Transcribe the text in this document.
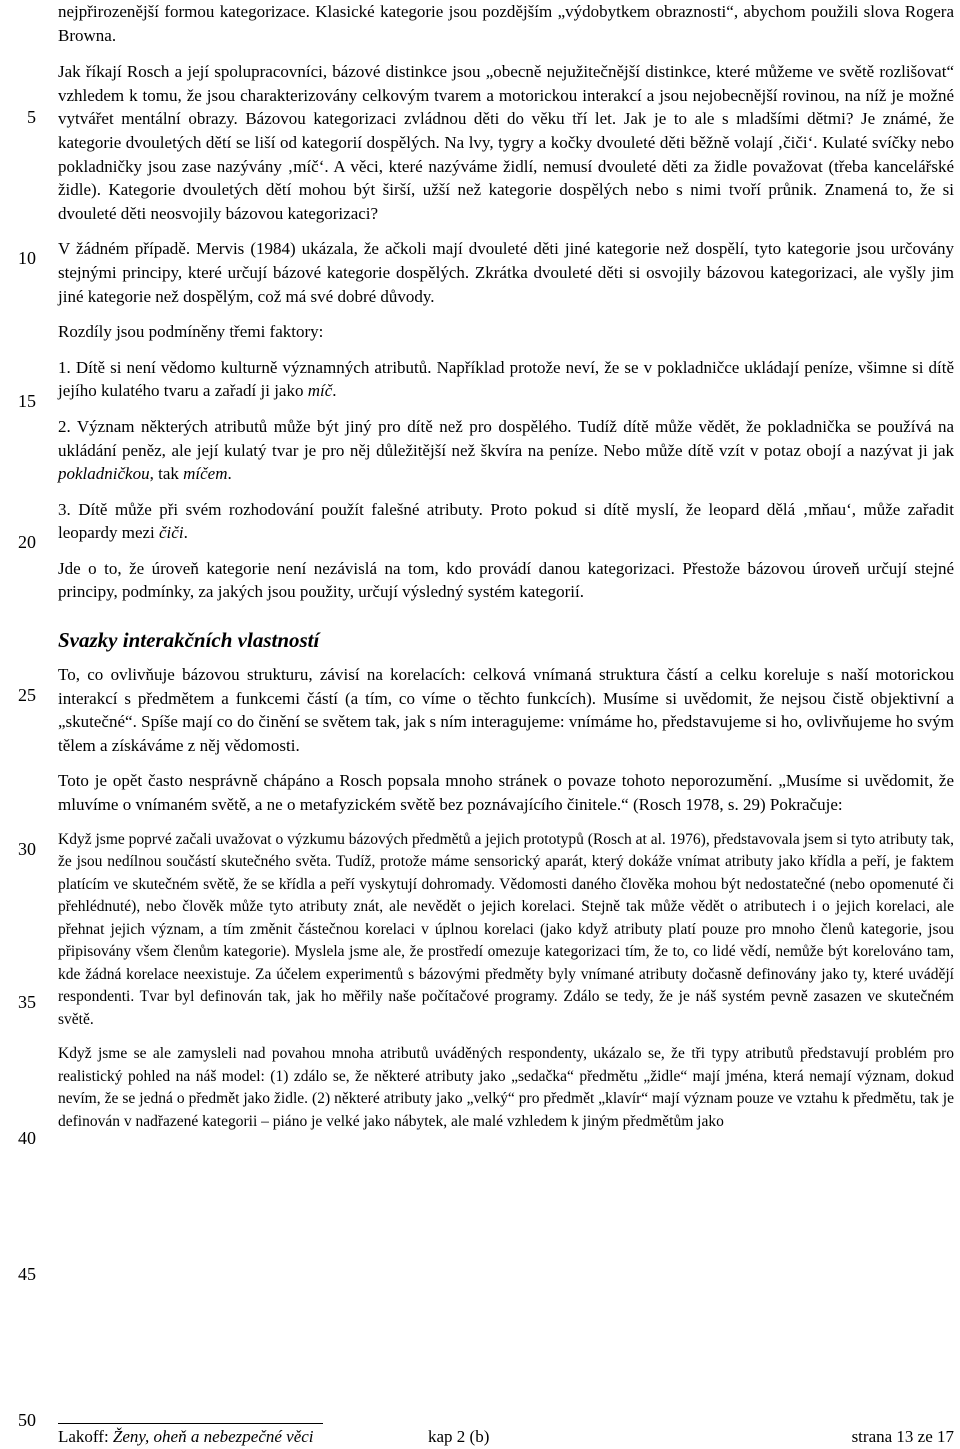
5
10
15
20
25
30
35
40
45
50

nejpřirozenější formou kategorizace. Klasické kategorie jsou pozdějším „výdobytkem obraznosti“, abychom použili slova Rogera Browna.

Jak říkají Rosch a její spolupracovníci, bázové distinkce jsou „obecně nejužitečnější distinkce, které můžeme ve světě rozlišovat“ vzhledem k tomu, že jsou charakterizovány celkovým tvarem a motorickou interakcí a jsou nejobecnější rovinou, na níž je možné vytvářet mentální obrazy. Bázovou kategorizaci zvládnou děti do věku tří let. Jak je to ale s mladšími dětmi? Je známé, že kategorie dvouletých dětí se liší od kategorií dospělých. Na lvy, tygry a kočky dvouleté děti běžně volají ‚čiči‘. Kulaté svíčky nebo pokladničky jsou zase nazývány ‚míč‘. A věci, které nazýváme židlí, nemusí dvouleté děti za židle považovat (třeba kancelářské židle). Kategorie dvouletých dětí mohou být širší, užší než kategorie dospělých nebo s nimi tvoří průnik. Znamená to, že si dvouleté děti neosvojily bázovou kategorizaci?

V žádném případě. Mervis (1984) ukázala, že ačkoli mají dvouleté děti jiné kategorie než dospělí, tyto kategorie jsou určovány stejnými principy, které určují bázové kategorie dospělých. Zkrátka dvouleté děti si osvojily bázovou kategorizaci, ale vyšly jim jiné kategorie než dospělým, což má své dobré důvody.

Rozdíly jsou podmíněny třemi faktory:

1. Dítě si není vědomo kulturně významných atributů. Například protože neví, že se v pokladničce ukládají peníze, všimne si dítě jejího kulatého tvaru a zařadí ji jako míč.

2. Význam některých atributů může být jiný pro dítě než pro dospělého. Tudíž dítě může vědět, že pokladnička se používá na ukládání peněz, ale její kulatý tvar je pro něj důležitější než škvíra na peníze. Nebo může dítě vzít v potaz obojí a nazývat ji jak pokladničkou, tak míčem.

3. Dítě může při svém rozhodování použít falešné atributy. Proto pokud si dítě myslí, že leopard dělá ‚mňau‘, může zařadit leopardy mezi čiči.

Jde o to, že úroveň kategorie není nezávislá na tom, kdo provádí danou kategorizaci. Přestože bázovou úroveň určují stejné principy, podmínky, za jakých jsou použity, určují výsledný systém kategorií.

Svazky interakčních vlastností

To, co ovlivňuje bázovou strukturu, závisí na korelacích: celková vnímaná struktura částí a celku koreluje s naší motorickou interakcí s předmětem a funkcemi částí (a tím, co víme o těchto funkcích). Musíme si uvědomit, že nejsou čistě objektivní a „skutečné“. Spíše mají co do činění se světem tak, jak s ním interagujeme: vnímáme ho, představujeme si ho, ovlivňujeme ho svým tělem a získáváme z něj vědomosti.

Toto je opět často nesprávně chápáno a Rosch popsala mnoho stránek o povaze tohoto neporozumění. „Musíme si uvědomit, že mluvíme o vnímaném světě, a ne o metafyzickém světě bez poznávajícího činitele.“ (Rosch 1978, s. 29) Pokračuje:

Když jsme poprvé začali uvažovat o výzkumu bázových předmětů a jejich prototypů (Rosch at al. 1976), představovala jsem si tyto atributy tak, že jsou nedílnou součástí skutečného světa. Tudíž, protože máme sensorický aparát, který dokáže vnímat atributy jako křídla a peří, je faktem platícím ve skutečném světě, že se křídla a peří vyskytují dohromady. Vědomosti daného člověka mohou být nedostatečné (nebo opomenuté či přehlédnuté), nebo člověk může tyto atributy znát, ale nevědět o jejich korelaci. Stejně tak může vědět o atributech i o jejich korelaci, ale přehnat jejich význam, a tím změnit částečnou korelaci v úplnou korelaci (jako když atributy platí pouze pro mnoho členů kategorie, jsou připisovány všem členům kategorie). Myslela jsme ale, že prostředí omezuje kategorizaci tím, že to, co lidé vědí, nemůže být korelováno tam, kde žádná korelace neexistuje. Za účelem experimentů s bázovými předměty byly vnímané atributy dočasně definovány jako ty, které uvádějí respondenti. Tvar byl definován tak, jak ho měřily naše počítačové programy. Zdálo se tedy, že je náš systém pevně zasazen ve skutečném světě.

Když jsme se ale zamysleli nad povahou mnoha atributů uváděných respondenty, ukázalo se, že tři typy atributů představují problém pro realistický pohled na náš model: (1) zdálo se, že některé atributy jako „sedačka“ předmětu „židle“ mají jména, která nemají význam, dokud nevím, že se jedná o předmět jako židle. (2) některé atributy jako „velký“ pro předmět „klavír“ mají význam pouze ve vztahu k předmětu, tak je definován v nadřazené kategorii – piáno je velké jako nábytek, ale malé vzhledem k jiným předmětům jako

Lakoff: Ženy, oheň a nebezpečné věci	kap 2 (b)	strana 13 ze 17
